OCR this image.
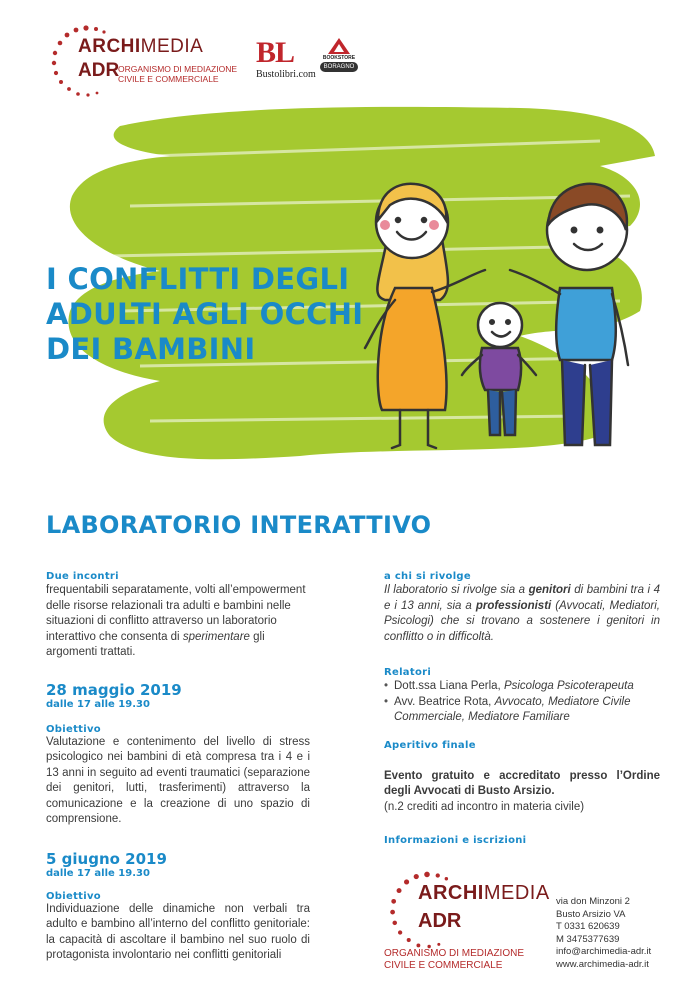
ARCHIMEDIA
ADR
ORGANISMO DI MEDIAZIONE
CIVILE E COMMERCIALE
BL
Bustolibri.com
BOOKSTORE
BORAGNO
I CONFLITTI DEGLI
ADULTI AGLI OCCHI
DEI BAMBINI
LABORATORIO INTERATTIVO
Due incontri
frequentabili separatamente, volti all’empowerment delle risorse relazionali tra adulti e bambini nelle situazioni di conflitto attraverso un laboratorio interattivo che consenta di sperimentare gli argomenti trattati.
28 maggio 2019
dalle 17 alle 19.30
Obiettivo
Valutazione e contenimento del livello di stress psicologico nei bambini di età compresa tra i 4 e i 13 anni in seguito ad eventi traumatici (separazione dei genitori, lutti, trasferimenti) attraverso la comunicazione e la creazione di uno spazio di comprensione.
5 giugno 2019
dalle 17 alle 19.30
Obiettivo
Individuazione delle dinamiche non verbali tra adulto e bambino all’interno del conflitto genitoriale: la capacità di ascoltare il bambino nel suo ruolo di protagonista involontario nei conflitti genitoriali
a chi si rivolge
Il laboratorio si rivolge sia a genitori di bambini tra i 4 e i 13 anni, sia a professionisti (Avvocati, Mediatori, Psicologi) che si trovano a sostenere i genitori in conflitto o in difficoltà.
Relatori
• Dott.ssa Liana Perla, Psicologa Psicoterapeuta
• Avv. Beatrice Rota, Avvocato, Mediatore Civile Commerciale, Mediatore Familiare
Aperitivo finale
Evento gratuito e accreditato presso l’Ordine degli Avvocati di Busto Arsizio.
(n.2 crediti ad incontro in materia civile)
Informazioni e iscrizioni
ARCHIMEDIA
ADR
ORGANISMO DI MEDIAZIONE
CIVILE E COMMERCIALE
via don Minzoni 2
Busto Arsizio VA
T 0331 620639
M 3475377639
info@archimedia-adr.it
www.archimedia-adr.it
